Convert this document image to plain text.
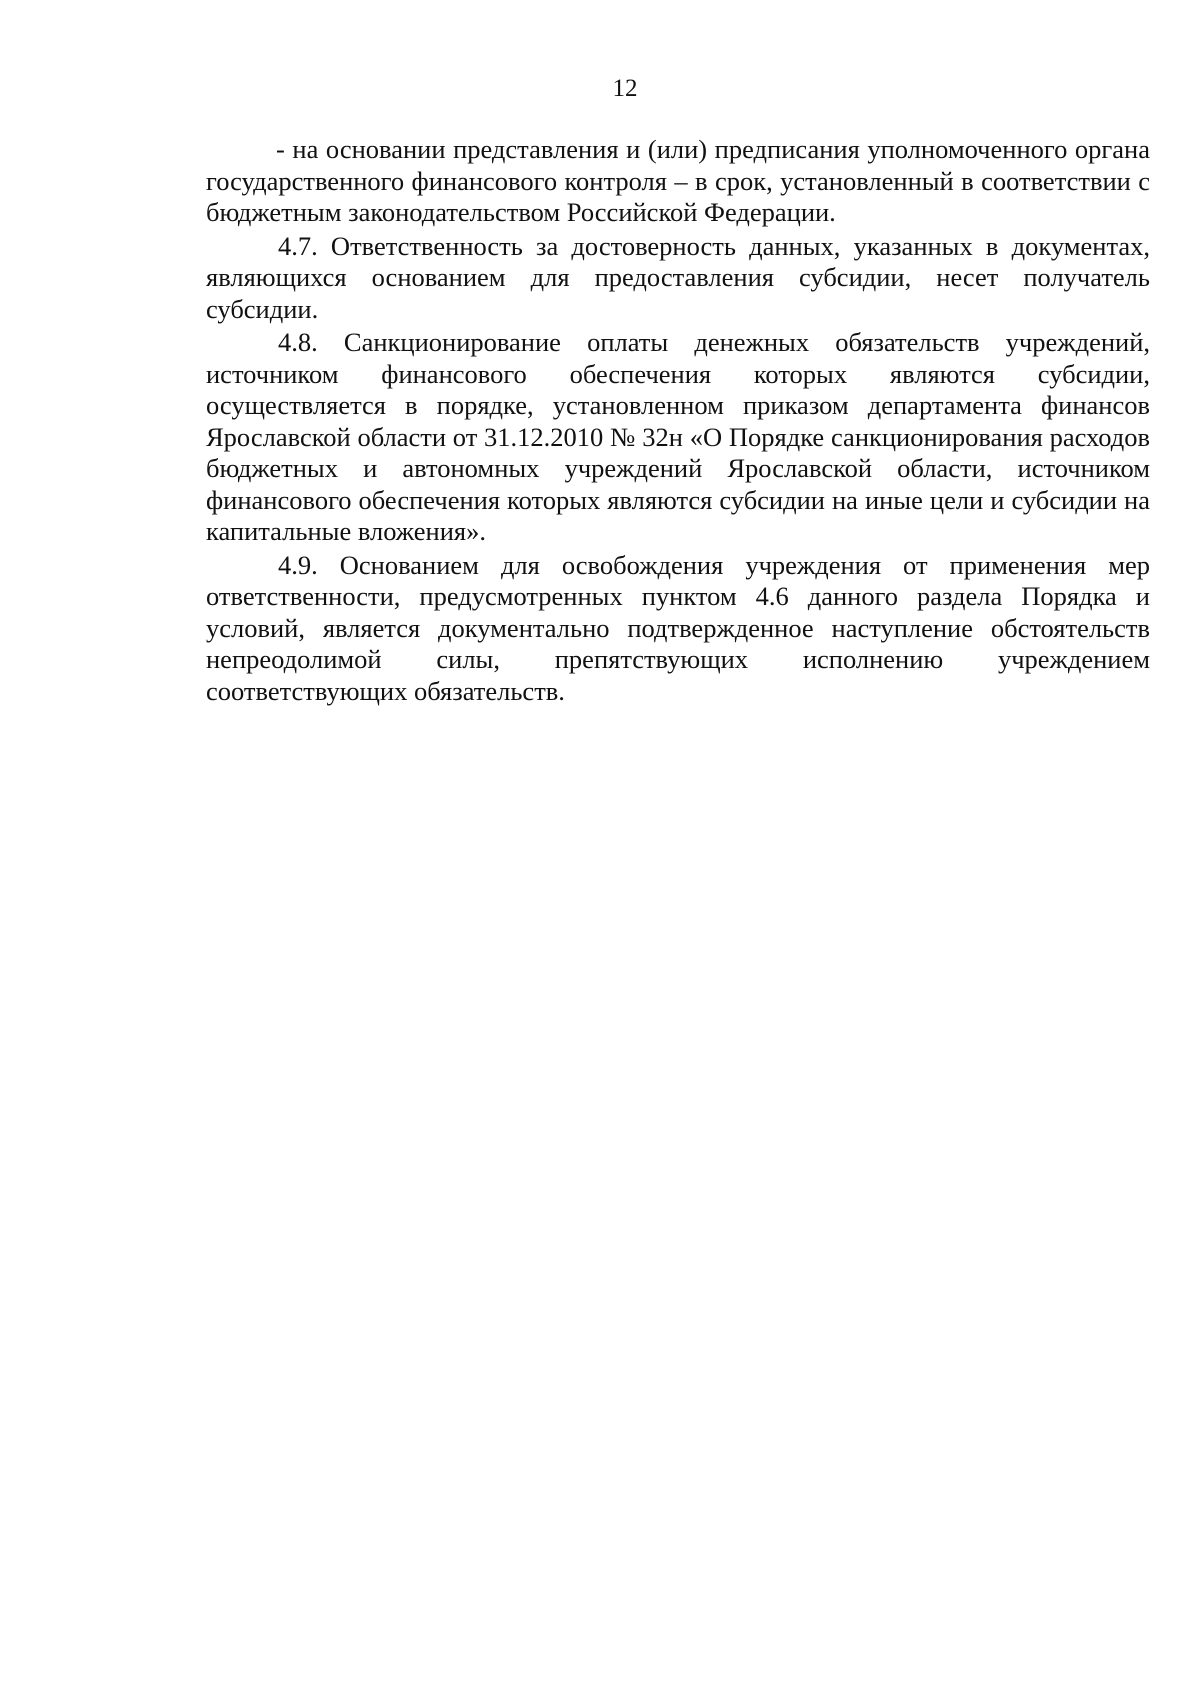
12

- на основании представления и (или) предписания уполномоченного органа государственного финансового контроля – в срок, установленный в соответствии с бюджетным законодательством Российской Федерации.

4.7. Ответственность за достоверность данных, указанных в документах, являющихся основанием для предоставления субсидии, несет получатель субсидии.

4.8. Санкционирование оплаты денежных обязательств учреждений, источником финансового обеспечения которых являются субсидии, осуществляется в порядке, установленном приказом департамента финансов Ярославской области от 31.12.2010 № 32н «О Порядке санкционирования расходов бюджетных и автономных учреждений Ярославской области, источником финансового обеспечения которых являются субсидии на иные цели и субсидии на капитальные вложения».

4.9. Основанием для освобождения учреждения от применения мер ответственности, предусмотренных пунктом 4.6 данного раздела Порядка и условий, является документально подтвержденное наступление обстоятельств непреодолимой силы, препятствующих исполнению учреждением соответствующих обязательств.
